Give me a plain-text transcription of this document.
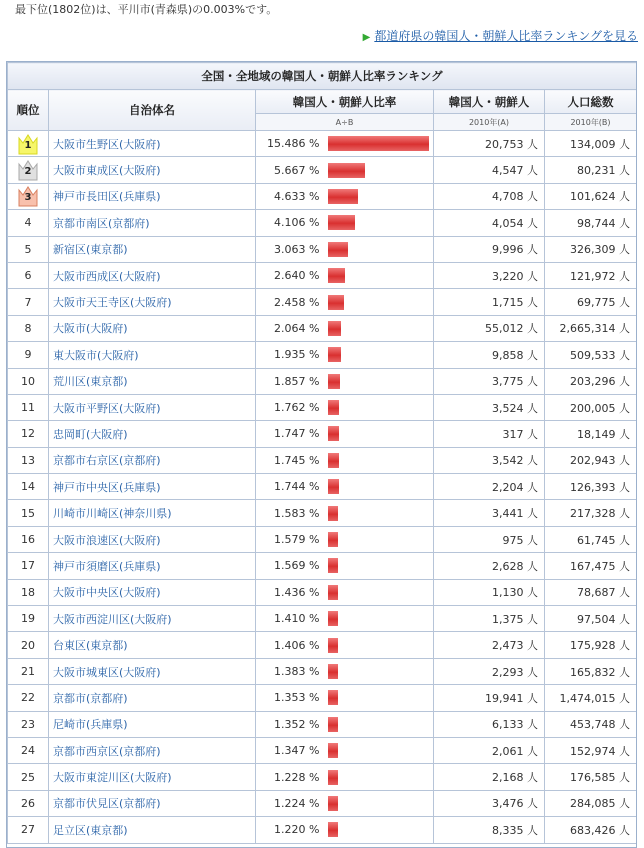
最下位(1802位)は、平川市(青森県)の0.003%です。
▶ 都道府県の韓国人・朝鮮人比率ランキングを見る
全国・全地域の韓国人・朝鮮人比率ランキング					
順位	自治体名	韓国人・朝鮮人比率		韓国人・朝鮮人	人口総数
		A÷B		2010年(A)	2010年(B)

1	大阪市生野区(大阪府)	15.486 %		20,753 人	134,009 人

2	大阪市東成区(大阪府)	5.667 %		4,547 人	80,231 人

3	神戸市長田区(兵庫県)	4.633 %		4,708 人	101,624 人
4	京都市南区(京都府)	4.106 %		4,054 人	98,744 人
5	新宿区(東京都)	3.063 %		9,996 人	326,309 人
6	大阪市西成区(大阪府)	2.640 %		3,220 人	121,972 人
7	大阪市天王寺区(大阪府)	2.458 %		1,715 人	69,775 人
8	大阪市(大阪府)	2.064 %		55,012 人	2,665,314 人
9	東大阪市(大阪府)	1.935 %		9,858 人	509,533 人
10	荒川区(東京都)	1.857 %		3,775 人	203,296 人
11	大阪市平野区(大阪府)	1.762 %		3,524 人	200,005 人
12	忠岡町(大阪府)	1.747 %		317 人	18,149 人
13	京都市右京区(京都府)	1.745 %		3,542 人	202,943 人
14	神戸市中央区(兵庫県)	1.744 %		2,204 人	126,393 人
15	川崎市川崎区(神奈川県)	1.583 %		3,441 人	217,328 人
16	大阪市浪速区(大阪府)	1.579 %		975 人	61,745 人
17	神戸市須磨区(兵庫県)	1.569 %		2,628 人	167,475 人
18	大阪市中央区(大阪府)	1.436 %		1,130 人	78,687 人
19	大阪市西淀川区(大阪府)	1.410 %		1,375 人	97,504 人
20	台東区(東京都)	1.406 %		2,473 人	175,928 人
21	大阪市城東区(大阪府)	1.383 %		2,293 人	165,832 人
22	京都市(京都府)	1.353 %		19,941 人	1,474,015 人
23	尼崎市(兵庫県)	1.352 %		6,133 人	453,748 人
24	京都市西京区(京都府)	1.347 %		2,061 人	152,974 人
25	大阪市東淀川区(大阪府)	1.228 %		2,168 人	176,585 人
26	京都市伏見区(京都府)	1.224 %		3,476 人	284,085 人
27	足立区(東京都)	1.220 %		8,335 人	683,426 人
